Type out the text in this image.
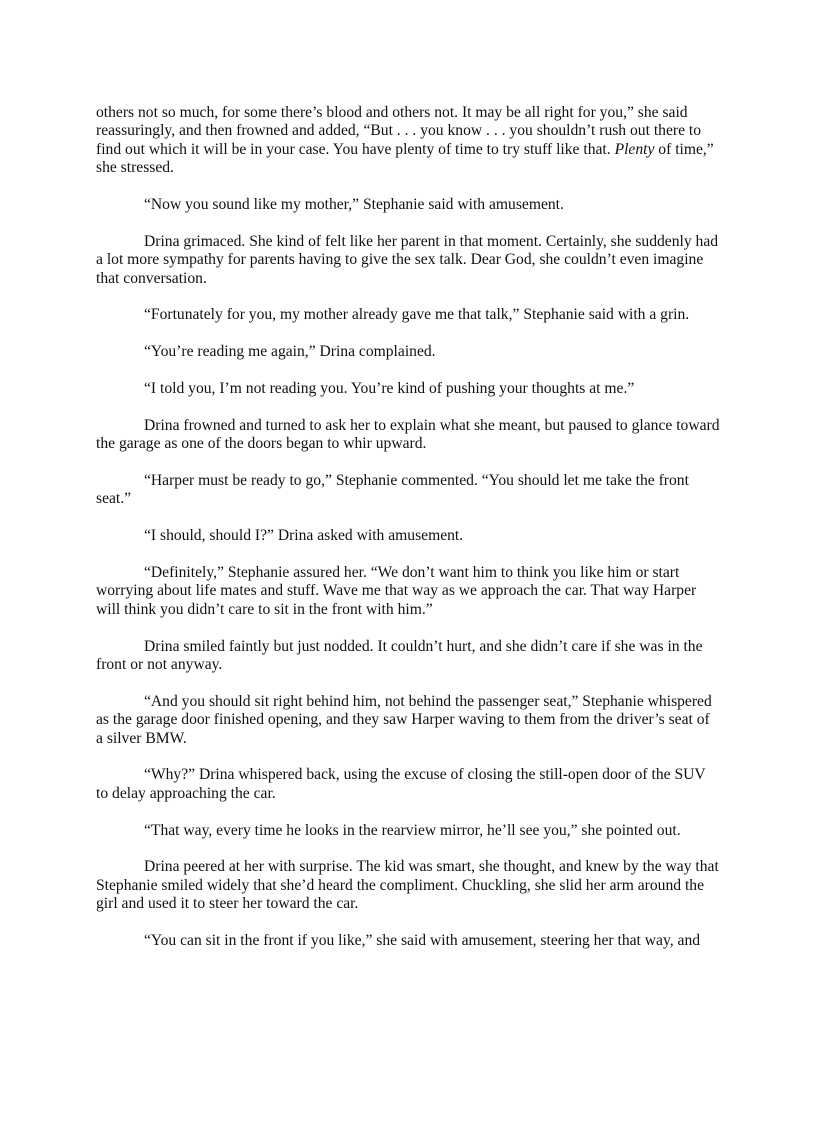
others not so much, for some there’s blood and others not. It may be all right for you,” she said reassuringly, and then frowned and added, “But . . . you know . . . you shouldn’t rush out there to find out which it will be in your case. You have plenty of time to try stuff like that. Plenty of time,” she stressed.

“Now you sound like my mother,” Stephanie said with amusement.

Drina grimaced. She kind of felt like her parent in that moment. Certainly, she suddenly had a lot more sympathy for parents having to give the sex talk. Dear God, she couldn’t even imagine that conversation.

“Fortunately for you, my mother already gave me that talk,” Stephanie said with a grin.

“You’re reading me again,” Drina complained.

“I told you, I’m not reading you. You’re kind of pushing your thoughts at me.”

Drina frowned and turned to ask her to explain what she meant, but paused to glance toward the garage as one of the doors began to whir upward.

“Harper must be ready to go,” Stephanie commented. “You should let me take the front seat.”

“I should, should I?” Drina asked with amusement.

“Definitely,” Stephanie assured her. “We don’t want him to think you like him or start worrying about life mates and stuff. Wave me that way as we approach the car. That way Harper will think you didn’t care to sit in the front with him.”

Drina smiled faintly but just nodded. It couldn’t hurt, and she didn’t care if she was in the front or not anyway.

“And you should sit right behind him, not behind the passenger seat,” Stephanie whispered as the garage door finished opening, and they saw Harper waving to them from the driver’s seat of a silver BMW.

“Why?” Drina whispered back, using the excuse of closing the still-open door of the SUV to delay approaching the car.

“That way, every time he looks in the rearview mirror, he’ll see you,” she pointed out.

Drina peered at her with surprise. The kid was smart, she thought, and knew by the way that Stephanie smiled widely that she’d heard the compliment. Chuckling, she slid her arm around the girl and used it to steer her toward the car.

“You can sit in the front if you like,” she said with amusement, steering her that way, and
